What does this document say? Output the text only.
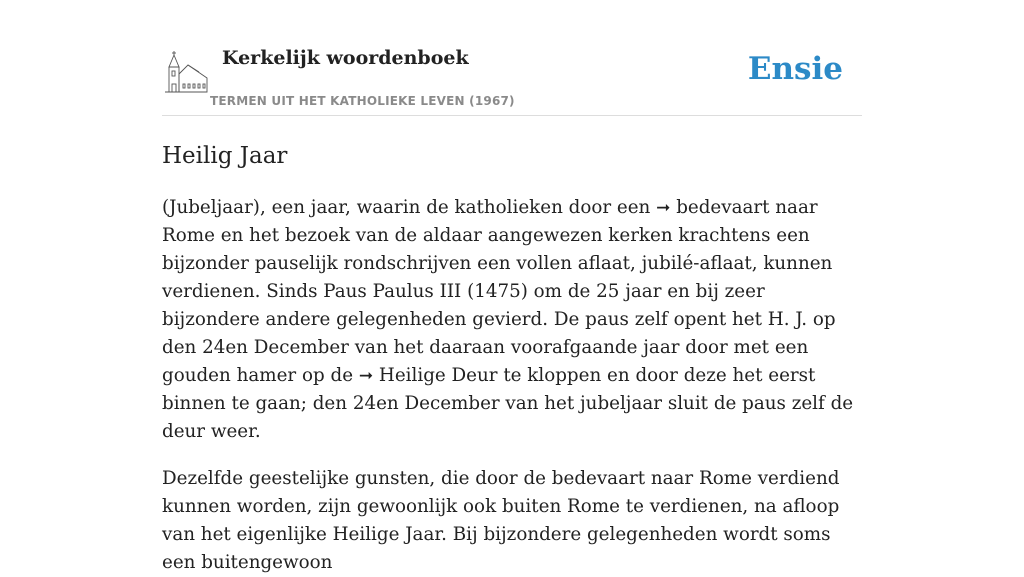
Kerkelijk woordenboek
TERMEN UIT HET KATHOLIEKE LEVEN (1967)
Ensie
Heilig Jaar

(Jubeljaar), een jaar, waarin de katholieken door een ➞ bedevaart naar Rome en het bezoek van de aldaar aangewezen kerken krachtens een bijzonder pauselijk rondschrijven een vollen aflaat, jubilé-aflaat, kunnen verdienen. Sinds Paus Paulus III (1475) om de 25 jaar en bij zeer bijzondere andere gelegenheden gevierd. De paus zelf opent het H. J. op den 24en December van het daaraan voorafgaande jaar door met een gouden hamer op de ➞ Heilige Deur te kloppen en door deze het eerst binnen te gaan; den 24en December van het jubeljaar sluit de paus zelf de deur weer.

Dezelfde geestelijke gunsten, die door de bedevaart naar Rome verdiend kunnen worden, zijn gewoonlijk ook buiten Rome te verdienen, na afloop van het eigenlijke Heilige Jaar. Bij bijzondere gelegenheden wordt soms een buitengewoon
